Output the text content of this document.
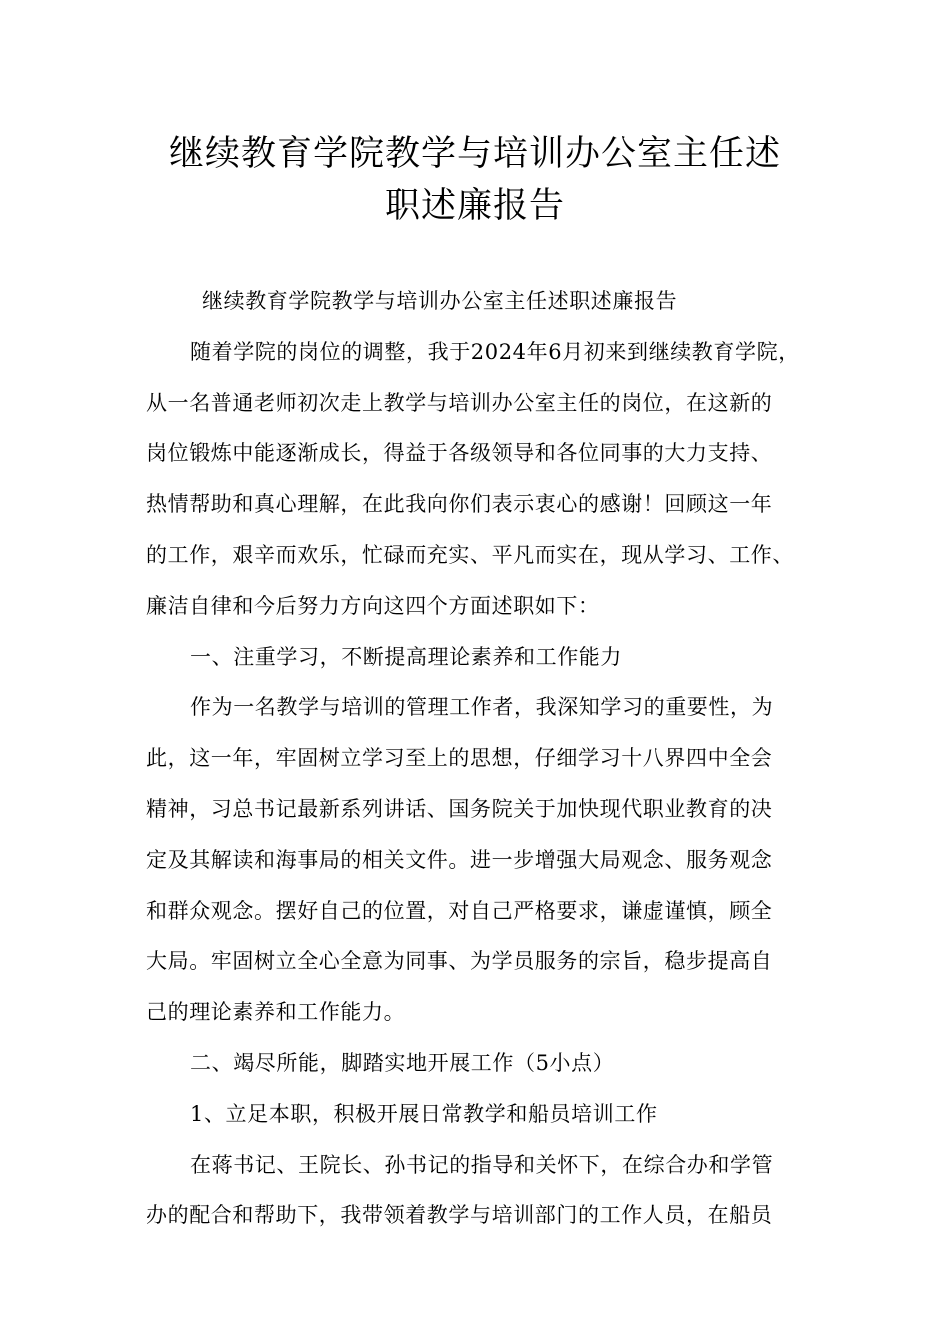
继续教育学院教学与培训办公室主任述
职述廉报告
继续教育学院教学与培训办公室主任述职述廉报告
随着学院的岗位的调整，我于2024年6月初来到继续教育学院，
从一名普通老师初次走上教学与培训办公室主任的岗位，在这新的
岗位锻炼中能逐渐成长，得益于各级领导和各位同事的大力支持、
热情帮助和真心理解，在此我向你们表示衷心的感谢！回顾这一年
的工作，艰辛而欢乐，忙碌而充实、平凡而实在，现从学习、工作、
廉洁自律和今后努力方向这四个方面述职如下：
一、注重学习，不断提高理论素养和工作能力
作为一名教学与培训的管理工作者，我深知学习的重要性，为
此，这一年，牢固树立学习至上的思想，仔细学习十八界四中全会
精神，习总书记最新系列讲话、国务院关于加快现代职业教育的决
定及其解读和海事局的相关文件。进一步增强大局观念、服务观念
和群众观念。摆好自己的位置，对自己严格要求，谦虚谨慎，顾全
大局。牢固树立全心全意为同事、为学员服务的宗旨，稳步提高自
己的理论素养和工作能力。
二、竭尽所能，脚踏实地开展工作（5小点）
1、立足本职，积极开展日常教学和船员培训工作
在蒋书记、王院长、孙书记的指导和关怀下，在综合办和学管
办的配合和帮助下，我带领着教学与培训部门的工作人员，在船员
